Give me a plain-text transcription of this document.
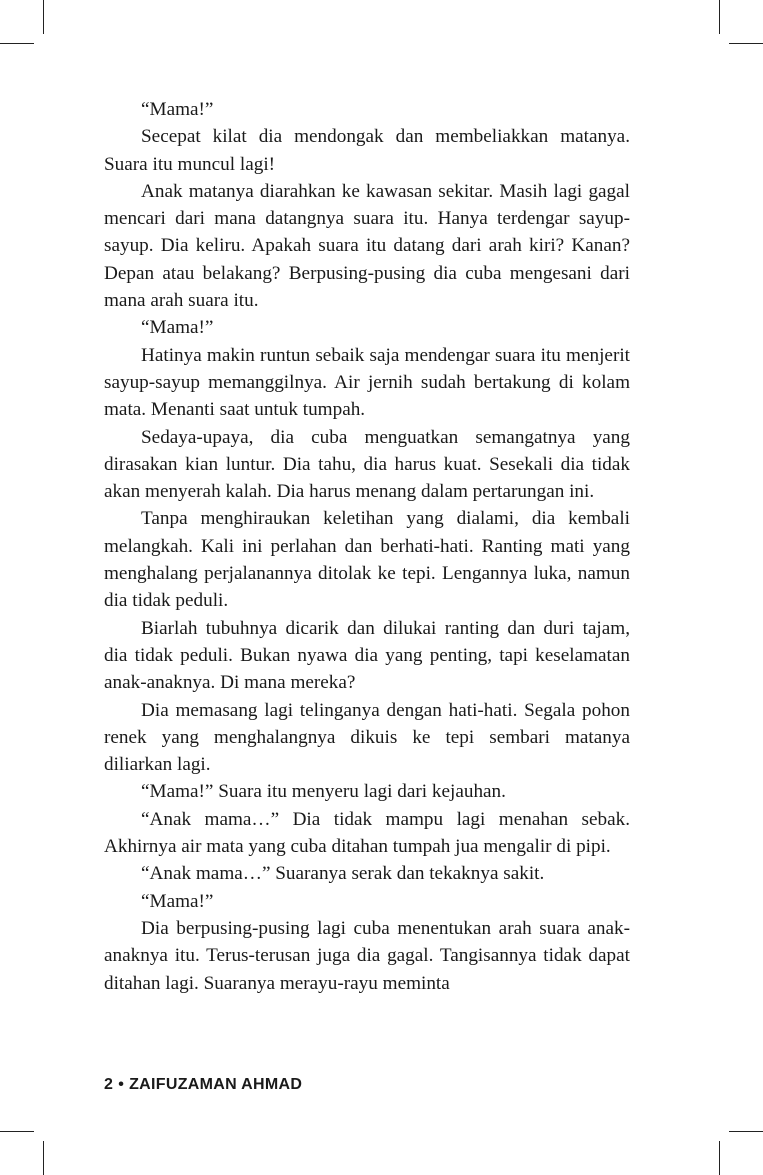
“Mama!”

Secepat kilat dia mendongak dan membeliakkan matanya. Suara itu muncul lagi!

Anak matanya diarahkan ke kawasan sekitar. Masih lagi gagal mencari dari mana datangnya suara itu. Hanya terdengar sayup-sayup. Dia keliru. Apakah suara itu datang dari arah kiri? Kanan? Depan atau belakang? Berpusing-pusing dia cuba mengesani dari mana arah suara itu.

“Mama!”

Hatinya makin runtun sebaik saja mendengar suara itu menjerit sayup-sayup memanggilnya. Air jernih sudah bertakung di kolam mata. Menanti saat untuk tumpah.

Sedaya-upaya, dia cuba menguatkan semangatnya yang dirasakan kian luntur. Dia tahu, dia harus kuat. Sesekali dia tidak akan menyerah kalah. Dia harus menang dalam pertarungan ini.

Tanpa menghiraukan keletihan yang dialami, dia kembali melangkah. Kali ini perlahan dan berhati-hati. Ranting mati yang menghalang perjalanannya ditolak ke tepi. Lengannya luka, namun dia tidak peduli.

Biarlah tubuhnya dicarik dan dilukai ranting dan duri tajam, dia tidak peduli. Bukan nyawa dia yang penting, tapi keselamatan anak-anaknya. Di mana mereka?

Dia memasang lagi telinganya dengan hati-hati. Segala pohon renek yang menghalangnya dikuis ke tepi sembari matanya diliarkan lagi.

“Mama!” Suara itu menyeru lagi dari kejauhan.

“Anak mama…” Dia tidak mampu lagi menahan sebak. Akhirnya air mata yang cuba ditahan tumpah jua mengalir di pipi.

“Anak mama…” Suaranya serak dan tekaknya sakit.

“Mama!”

Dia berpusing-pusing lagi cuba menentukan arah suara anak-anaknya itu. Terus-terusan juga dia gagal. Tangisannya tidak dapat ditahan lagi. Suaranya merayu-rayu meminta

2 • ZAIFUZAMAN AHMAD
